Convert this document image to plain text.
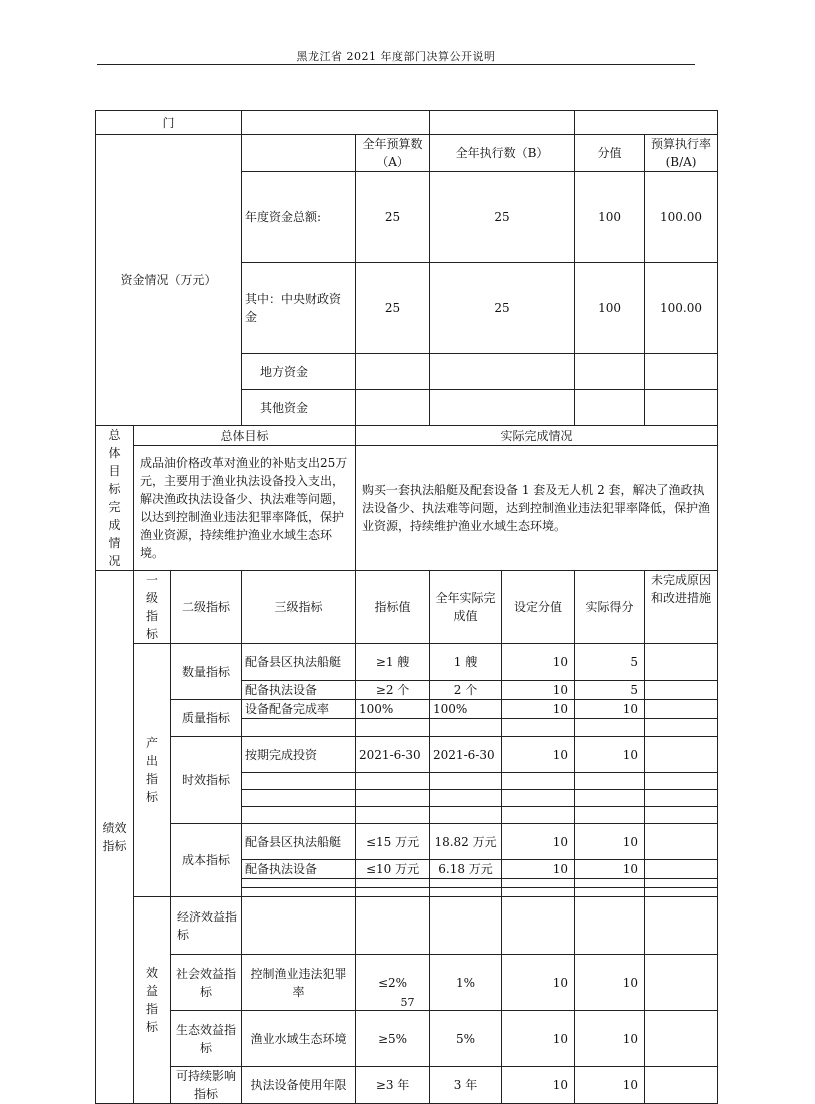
黑龙江省 2021 年度部门决算公开说明
门									
资金情况（万元）				全年预算数（A）	全年执行数（B）		分值	预算执行率(B/A)	
			年度资金总额:	25	25		100	100.00	
			其中：中央财政资金	25	25		100	100.00	
			地方资金						
			其他资金						

总体目标完成情况	总体目标			实际完成情况					
	成品油价格改革对渔业的补贴支出25万元，主要用于渔业执法设备投入支出，解决渔政执法设备少、执法难等问题，以达到控制渔业违法犯罪率降低，保护渔业资源，持续维护渔业水域生态环境。			购买一套执法船艇及配套设备 1 套及无人机 2 套，解决了渔政执法设备少、执法难等问题，达到控制渔业违法犯罪率降低，保护渔业资源，持续维护渔业水域生态环境。					

绩效指标	一级指标	二级指标	三级指标	指标值	全年实际完成值	设定分值	实际得分	未完成原因和改进措施	

	产出指标	数量指标	配备县区执法船艇	≥1 艘	1 艘	10	5		
			配备执法设备	≥2 个	2 个	10	5		
		质量指标	设备配备完成率	100%	100%	10	10		

		时效指标	按期完成投资	2021-6-30	2021-6-30	10	10		

		成本指标	配备县区执法船艇	≤15 万元	18.82 万元	10	10		
			配备执法设备	≤10 万元	6.18 万元	10	10		

	效益指标	经济效益指标							
		社会效益指标	控制渔业违法犯罪率	≤2%	1%	10	10		
		生态效益指标	渔业水域生态环境	≥5%	5%	10	10		
		可持续影响指标	执法设备使用年限	≥3 年	3 年	10	10		
57
